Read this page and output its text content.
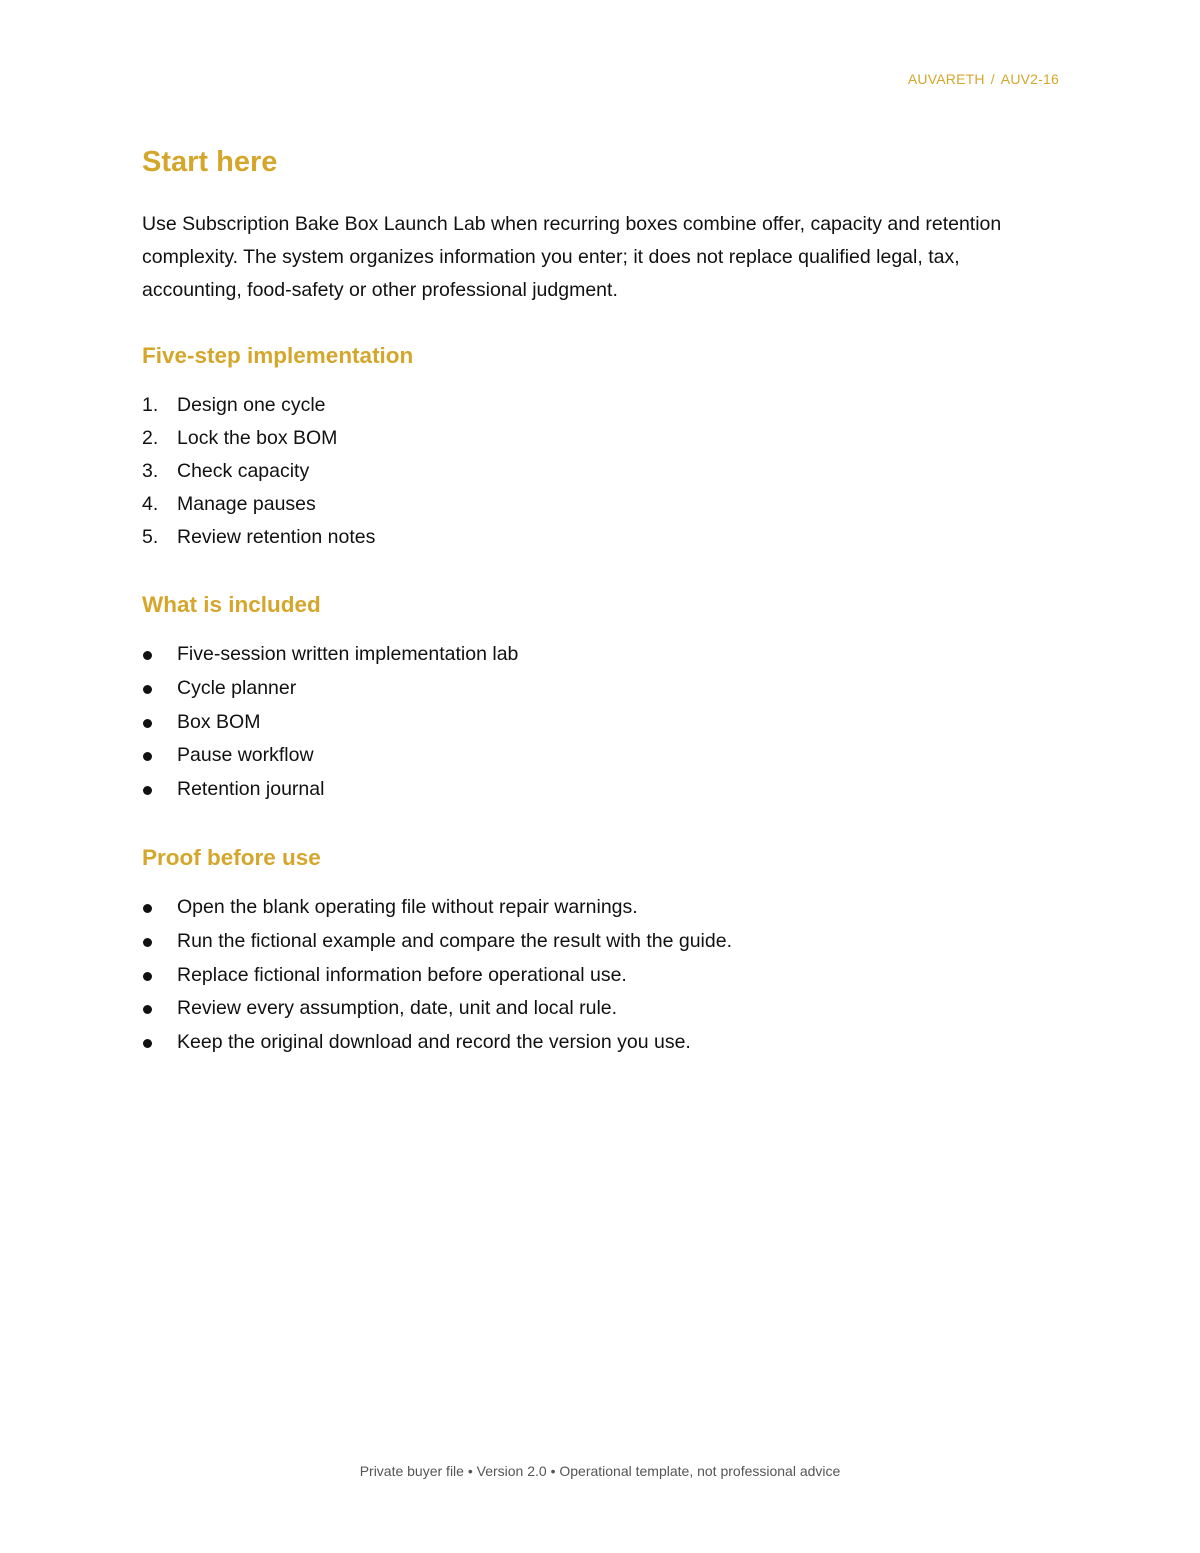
AUVARETH / AUV2-16
Start here

Use Subscription Bake Box Launch Lab when recurring boxes combine offer, capacity and retention complexity. The system organizes information you enter; it does not replace qualified legal, tax, accounting, food-safety or other professional judgment.

Five-step implementation
1. Design one cycle
2. Lock the box BOM
3. Check capacity
4. Manage pauses
5. Review retention notes
What is included
Five-session written implementation lab
Cycle planner
Box BOM
Pause workflow
Retention journal
Proof before use
Open the blank operating file without repair warnings.
Run the fictional example and compare the result with the guide.
Replace fictional information before operational use.
Review every assumption, date, unit and local rule.
Keep the original download and record the version you use.
Private buyer file • Version 2.0 • Operational template, not professional advice
